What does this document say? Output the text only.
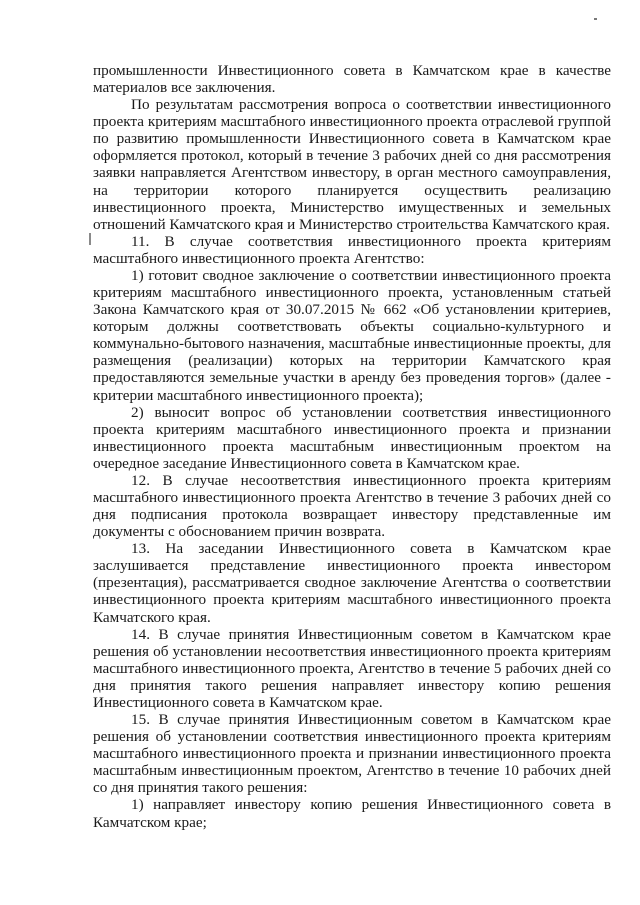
промышленности Инвестиционного совета в Камчатском крае в качестве
материалов все заключения.
По результатам рассмотрения вопроса о соответствии инвестиционного
проекта критериям масштабного инвестиционного проекта отраслевой группой
по развитию промышленности Инвестиционного совета в Камчатском крае
оформляется протокол, который в течение 3 рабочих дней со дня рассмотрения
заявки направляется Агентством инвестору, в орган местного самоуправления,
на территории которого планируется осуществить реализацию
инвестиционного проекта, Министерство имущественных и земельных
отношений Камчатского края и Министерство строительства Камчатского края.
11. В случае соответствия инвестиционного проекта критериям
масштабного инвестиционного проекта Агентство:
1) готовит сводное заключение о соответствии инвестиционного проекта
критериям масштабного инвестиционного проекта, установленным статьей
Закона Камчатского края от 30.07.2015 № 662 «Об установлении критериев,
которым должны соответствовать объекты социально-культурного и
коммунально-бытового назначения, масштабные инвестиционные проекты, для
размещения (реализации) которых на территории Камчатского края
предоставляются земельные участки в аренду без проведения торгов» (далее -
критерии масштабного инвестиционного проекта);
2) выносит вопрос об установлении соответствия инвестиционного
проекта критериям масштабного инвестиционного проекта и признании
инвестиционного проекта масштабным инвестиционным проектом на
очередное заседание Инвестиционного совета в Камчатском крае.
12. В случае несоответствия инвестиционного проекта критериям
масштабного инвестиционного проекта Агентство в течение 3 рабочих дней со
дня подписания протокола возвращает инвестору представленные им
документы с обоснованием причин возврата.
13. На заседании Инвестиционного совета в Камчатском крае
заслушивается представление инвестиционного проекта инвестором
(презентация), рассматривается сводное заключение Агентства о соответствии
инвестиционного проекта критериям масштабного инвестиционного проекта
Камчатского края.
14. В случае принятия Инвестиционным советом в Камчатском крае
решения об установлении несоответствия инвестиционного проекта критериям
масштабного инвестиционного проекта, Агентство в течение 5 рабочих дней со
дня принятия такого решения направляет инвестору копию решения
Инвестиционного совета в Камчатском крае.
15. В случае принятия Инвестиционным советом в Камчатском крае
решения об установлении соответствия инвестиционного проекта критериям
масштабного инвестиционного проекта и признании инвестиционного проекта
масштабным инвестиционным проектом, Агентство в течение 10 рабочих дней
со дня принятия такого решения:
1) направляет инвестору копию решения Инвестиционного совета в
Камчатском крае;
